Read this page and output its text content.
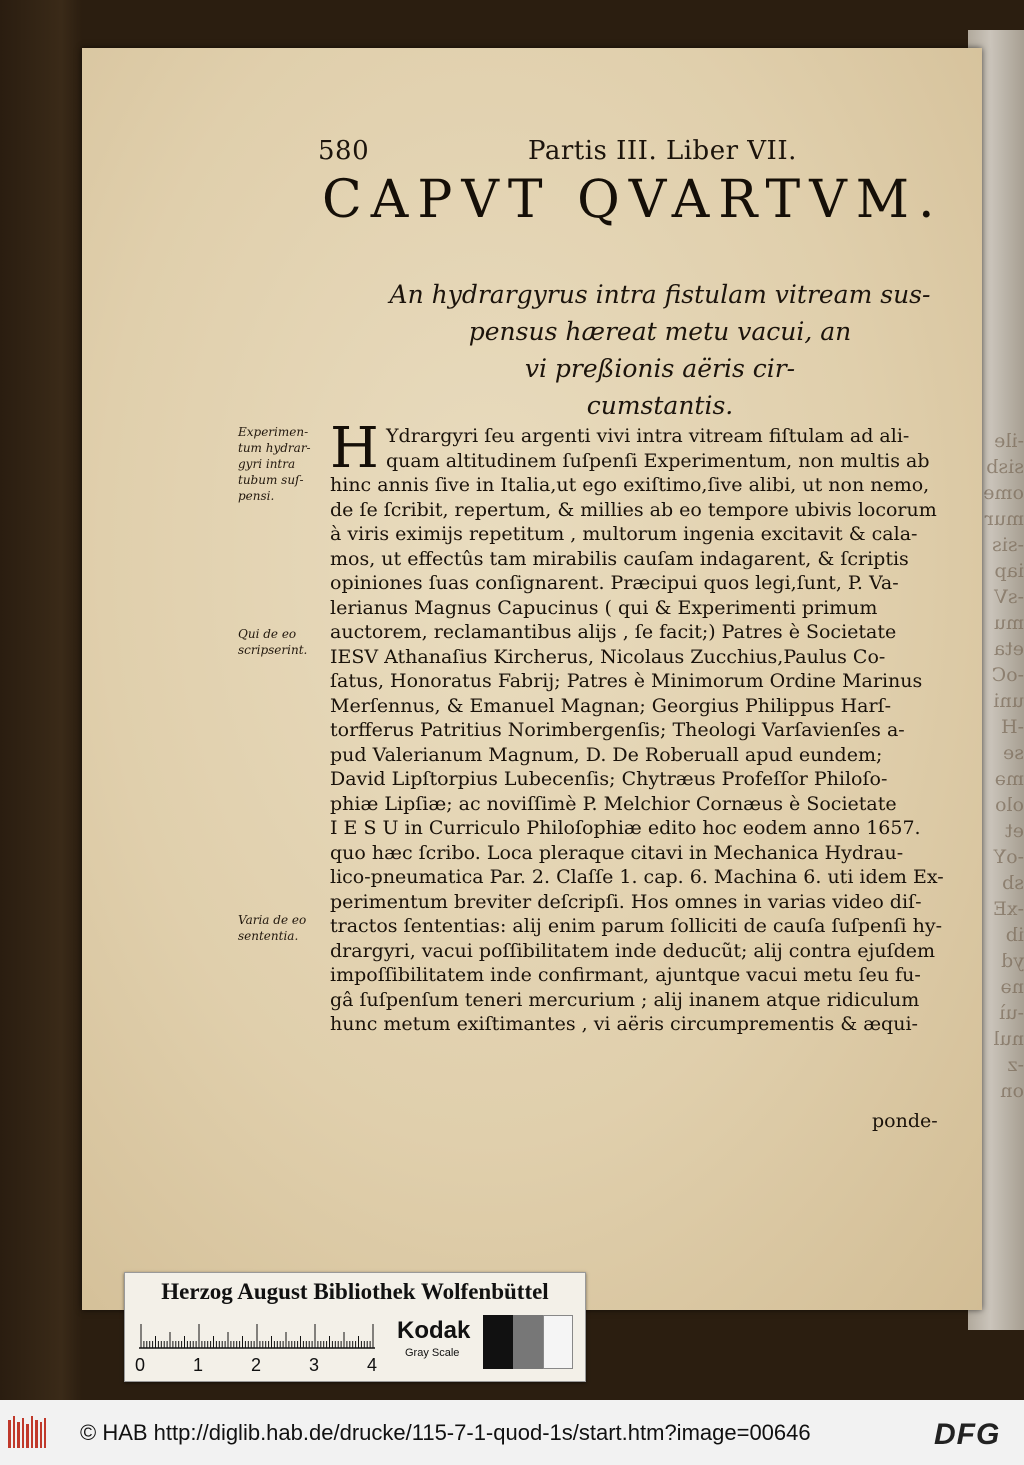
-ile
sisb
ome
mur
-sis
iap
-sV
mu
eta
-oC
uni
-H
se
mə
olo
et
-oY
sb
-xE
ib
yd
nə
-uì
nul
-z
on
580	Partis III. Liber VII.
CAPVT QVARTVM.
An hydrargyrus intra fistulam vitream sus-
pensus hæreat metu vacui, an
vi preßionis aëris cir-
cumstantis.
Experimen-
tum hydrar-
gyri intra
tubum suſ-
pensi.
Qui de eo
scripserint.
Varia de eo
sententia.
H Ydrargyri ſeu argenti vivi intra vitream fiſtulam ad ali-
quam altitudinem ſuſpenſi Experimentum, non multis ab
hinc annis ſive in Italia,ut ego exiſtimo,ſive alibi, ut non nemo,
de ſe ſcribit, repertum, & millies ab eo tempore ubivis locorum
à viris eximijs repetitum , multorum ingenia excitavit & cala-
mos, ut effectûs tam mirabilis cauſam indagarent, & ſcriptis
opiniones ſuas conſignarent. Præcipui quos legi,ſunt, P. Va-
lerianus Magnus Capucinus ( qui & Experimenti primum
auctorem, reclamantibus alijs , ſe facit;) Patres è Societate
IESV Athanaſius Kircherus, Nicolaus Zucchius,Paulus Co-
ſatus, Honoratus Fabrij; Patres è Minimorum Ordine Marinus
Merſennus, & Emanuel Magnan; Georgius Philippus Harſ-
torfferus Patritius Norimbergenſis; Theologi Varſavienſes a-
pud Valerianum Magnum, D. De Roberuall apud eundem;
David Lipſtorpius Lubecenſis; Chytræus Profeſſor Philoſo-
phiæ Lipſiæ; ac noviſſimè P. Melchior Cornæus è Societate
I E S U in Curriculo Philoſophiæ edito hoc eodem anno 1657.
quo hæc ſcribo. Loca pleraque citavi in Mechanica Hydrau-
lico-pneumatica Par. 2. Claſſe 1. cap. 6. Machina 6. uti idem Ex-
perimentum breviter deſcripſi. Hos omnes in varias video diſ-
tractos ſententias: alij enim parum ſolliciti de cauſa ſuſpenſi hy-
drargyri, vacui poſſibilitatem inde deducũt; alij contra ejuſdem
impoſſibilitatem inde confirmant, ajuntque vacui metu ſeu fu-
gâ ſuſpenſum teneri mercurium ; alij inanem atque ridiculum
hunc metum exiſtimantes , vi aëris circumprementis & æqui-
ponde-
Herzog August Bibliothek Wolfenbüttel
0	1	2	3	4
Kodak
Gray Scale
© HAB http://diglib.hab.de/drucke/115-7-1-quod-1s/start.htm?image=00646	DFG
